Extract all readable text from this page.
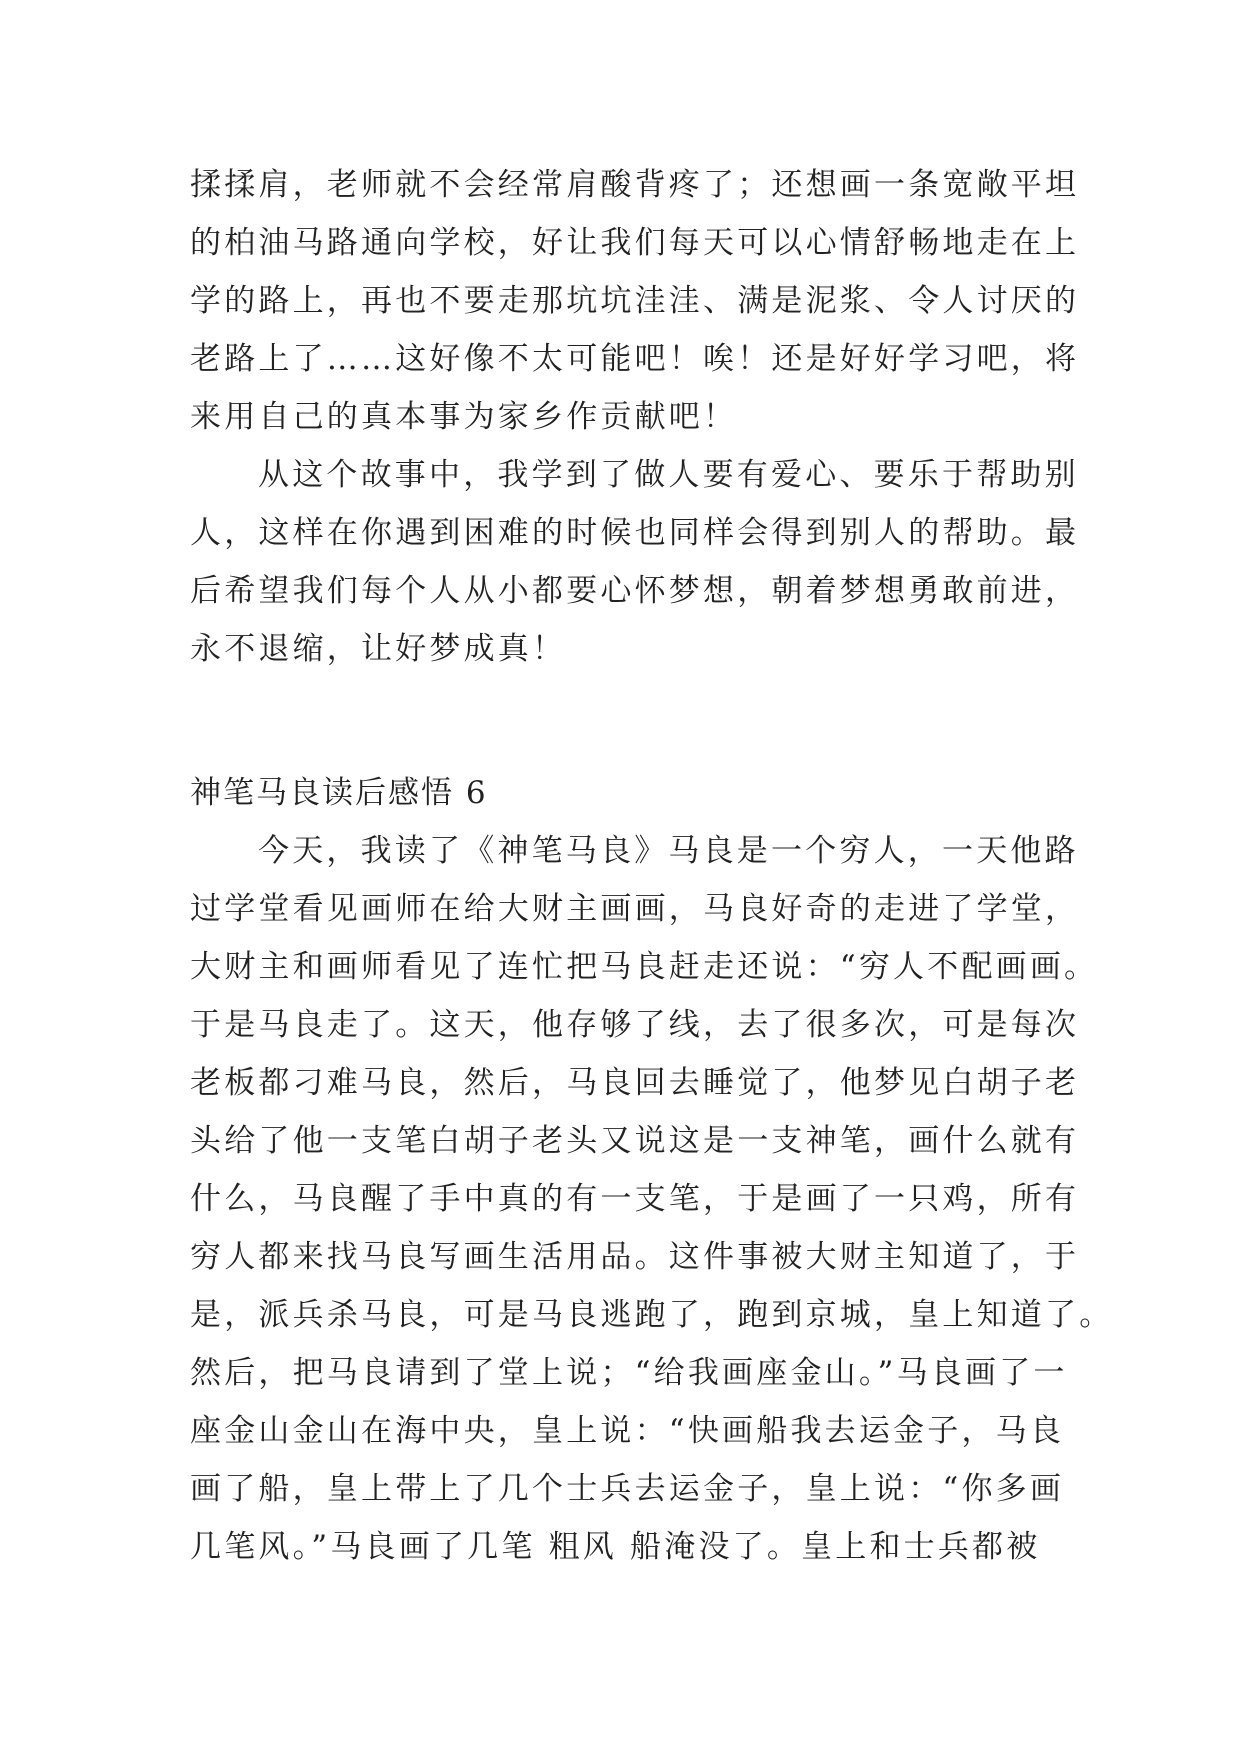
揉揉肩，老师就不会经常肩酸背疼了；还想画一条宽敞平坦
的柏油马路通向学校，好让我们每天可以心情舒畅地走在上
学的路上，再也不要走那坑坑洼洼、满是泥浆、令人讨厌的
老路上了……这好像不太可能吧！唉！还是好好学习吧，将
来用自己的真本事为家乡作贡献吧！
从这个故事中，我学到了做人要有爱心、要乐于帮助别
人，这样在你遇到困难的时候也同样会得到别人的帮助。最
后希望我们每个人从小都要心怀梦想，朝着梦想勇敢前进，
永不退缩，让好梦成真！
神笔马良读后感悟 6
今天，我读了《神笔马良》马良是一个穷人，一天他路
过学堂看见画师在给大财主画画，马良好奇的走进了学堂，
大财主和画师看见了连忙把马良赶走还说：“穷人不配画画。
于是马良走了。这天，他存够了线，去了很多次，可是每次
老板都刁难马良，然后，马良回去睡觉了，他梦见白胡子老
头给了他一支笔白胡子老头又说这是一支神笔，画什么就有
什么，马良醒了手中真的有一支笔，于是画了一只鸡，所有
穷人都来找马良写画生活用品。这件事被大财主知道了，于
是，派兵杀马良，可是马良逃跑了，跑到京城，皇上知道了。
然后，把马良请到了堂上说；“给我画座金山。”马良画了一
座金山金山在海中央，皇上说：“快画船我去运金子，马良
画了船，皇上带上了几个士兵去运金子，皇上说：“你多画
几笔风。”马良画了几笔 粗风 船淹没了。皇上和士兵都被
